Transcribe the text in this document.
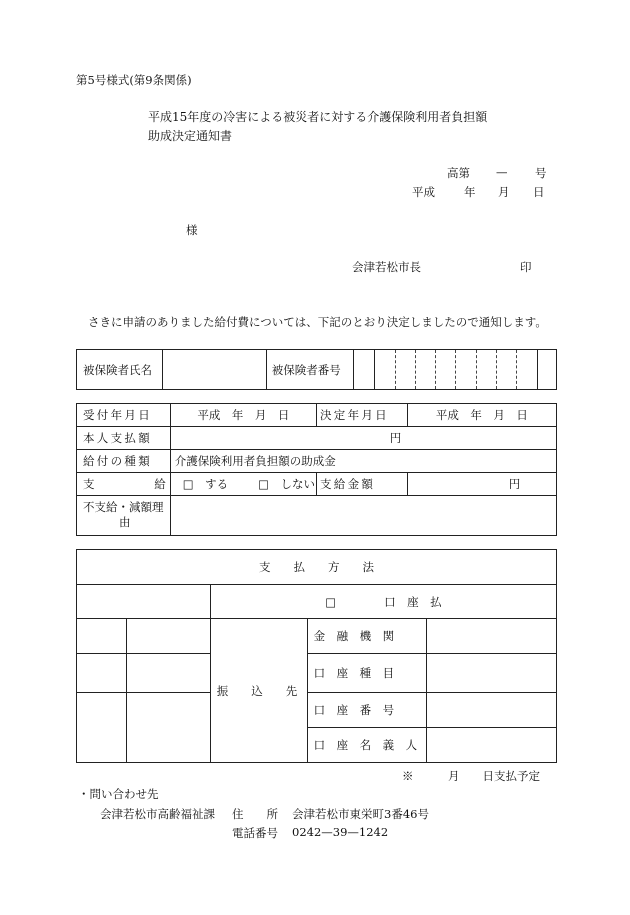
第5号様式(第9条関係)
平成15年度の冷害による被災者に対する介護保険利用者負担額
助成決定通知書
高第 — 号
平成	年 月 日
様
会津若松市長	印
さきに申請のありました給付費については、下記のとおり決定しましたので通知します。
被保険者氏名		被保険者番号										
受付年月日	平成　年　月　日	決定年月日	平成　年　月　日
本人支払額	円		
給付の種類	介護保険利用者負担額の助成金		
支 給	□　する □　しない	支給金額	円
不支給・減額理
由			
支　　払　　方　　法				
		□ 口　座　払		
		振　　込　　先	金　融　機　関	
			口　座　種　目	
			口　座　番　号	
			口　座　名　義　人	
※　　　月　　日支払予定
・問い合わせ先
会津若松市高齢福祉課 住　　所 会津若松市東栄町3番46号
電話番号 0242—39—1242
